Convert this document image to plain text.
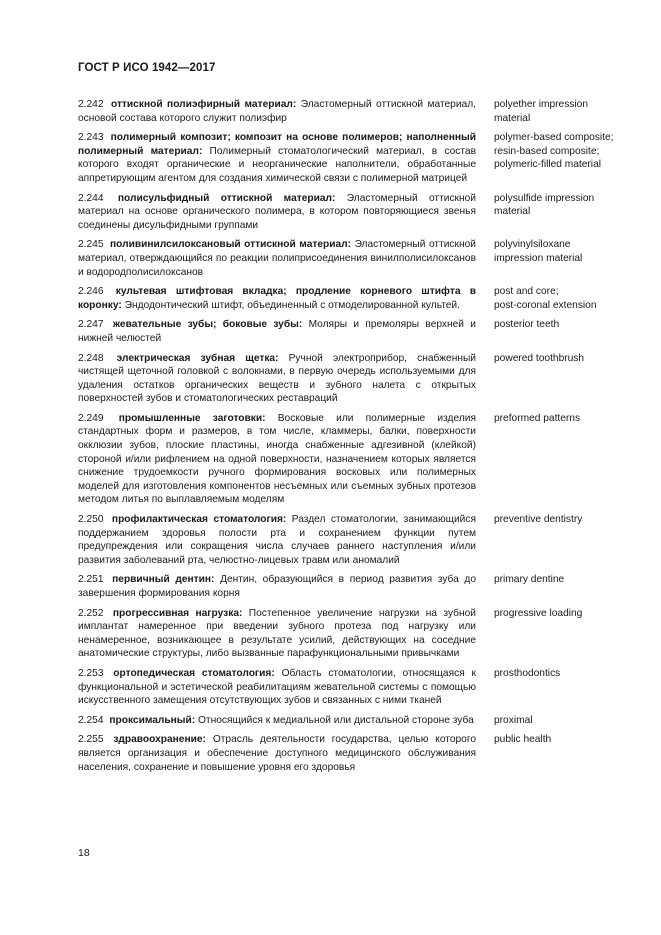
ГОСТ Р ИСО 1942—2017
2.242 оттискной полиэфирный материал: Эластомерный оттискной материал, основой состава которого служит полиэфир
polyether impression material
2.243 полимерный композит; композит на основе полимеров; наполненный полимерный материал: Полимерный стоматологический материал, в состав которого входят органические и неорганические наполнители, обработанные аппретирующим агентом для создания химической связи с полимерной матрицей
polymer-based composite;
resin-based composite;
polymeric-filled material
2.244 полисульфидный оттискной материал: Эластомерный оттискной материал на основе органического полимера, в котором повторяющиеся звенья соединены дисульфидными группами
polysulfide impression material
2.245 поливинилсилоксановый оттискной материал: Эластомерный оттискной материал, отверждающийся по реакции полиприсоединения винилполисилоксанов и водородполисилоксанов
polyvinylsiloxane impression material
2.246 культевая штифтовая вкладка; продление корневого штифта в коронку: Эндодонтический штифт, объединенный с отмоделированной культей.
post and core;
post-coronal extension
2.247 жевательные зубы; боковые зубы: Моляры и премоляры верхней и нижней челюстей
posterior teeth
2.248 электрическая зубная щетка: Ручной электроприбор, снабженный чистящей щеточной головкой с волокнами, в первую очередь используемыми для удаления остатков органических веществ и зубного налета с открытых поверхностей зубов и стоматологических реставраций
powered toothbrush
2.249 промышленные заготовки: Восковые или полимерные изделия стандартных форм и размеров, в том числе, кламмеры, балки, поверхности окклюзии зубов, плоские пластины, иногда снабженные адгезивной (клейкой) стороной и/или рифлением на одной поверхности, назначением которых является снижение трудоемкости ручного формирования восковых или полимерных моделей для изготовления компонентов несъемных или съемных зубных протезов методом литья по выплавляемым моделям
preformed patterns
2.250 профилактическая стоматология: Раздел стоматологии, занимающийся поддержанием здоровья полости рта и сохранением функции путем предупреждения или сокращения числа случаев раннего наступления и/или развития заболеваний рта, челюстно-лицевых травм или аномалий
preventive dentistry
2.251 первичный дентин: Дентин, образующийся в период развития зуба до завершения формирования корня
primary dentine
2.252 прогрессивная нагрузка: Постепенное увеличение нагрузки на зубной имплантат намеренное при введении зубного протеза под нагрузку или ненамеренное, возникающее в результате усилий, действующих на соседние анатомические структуры, либо вызванные парафункциональными привычками
progressive loading
2.253 ортопедическая стоматология: Область стоматологии, относящаяся к функциональной и эстетической реабилитациям жевательной системы с помощью искусственного замещения отсутствующих зубов и связанных с ними тканей
prosthodontics
2.254 проксимальный: Относящийся к медиальной или дистальной стороне зуба proximal
2.255 здравоохранение: Отрасль деятельности государства, целью которого является организация и обеспечение доступного медицинского обслуживания населения, сохранение и повышение уровня его здоровья
public health
18
